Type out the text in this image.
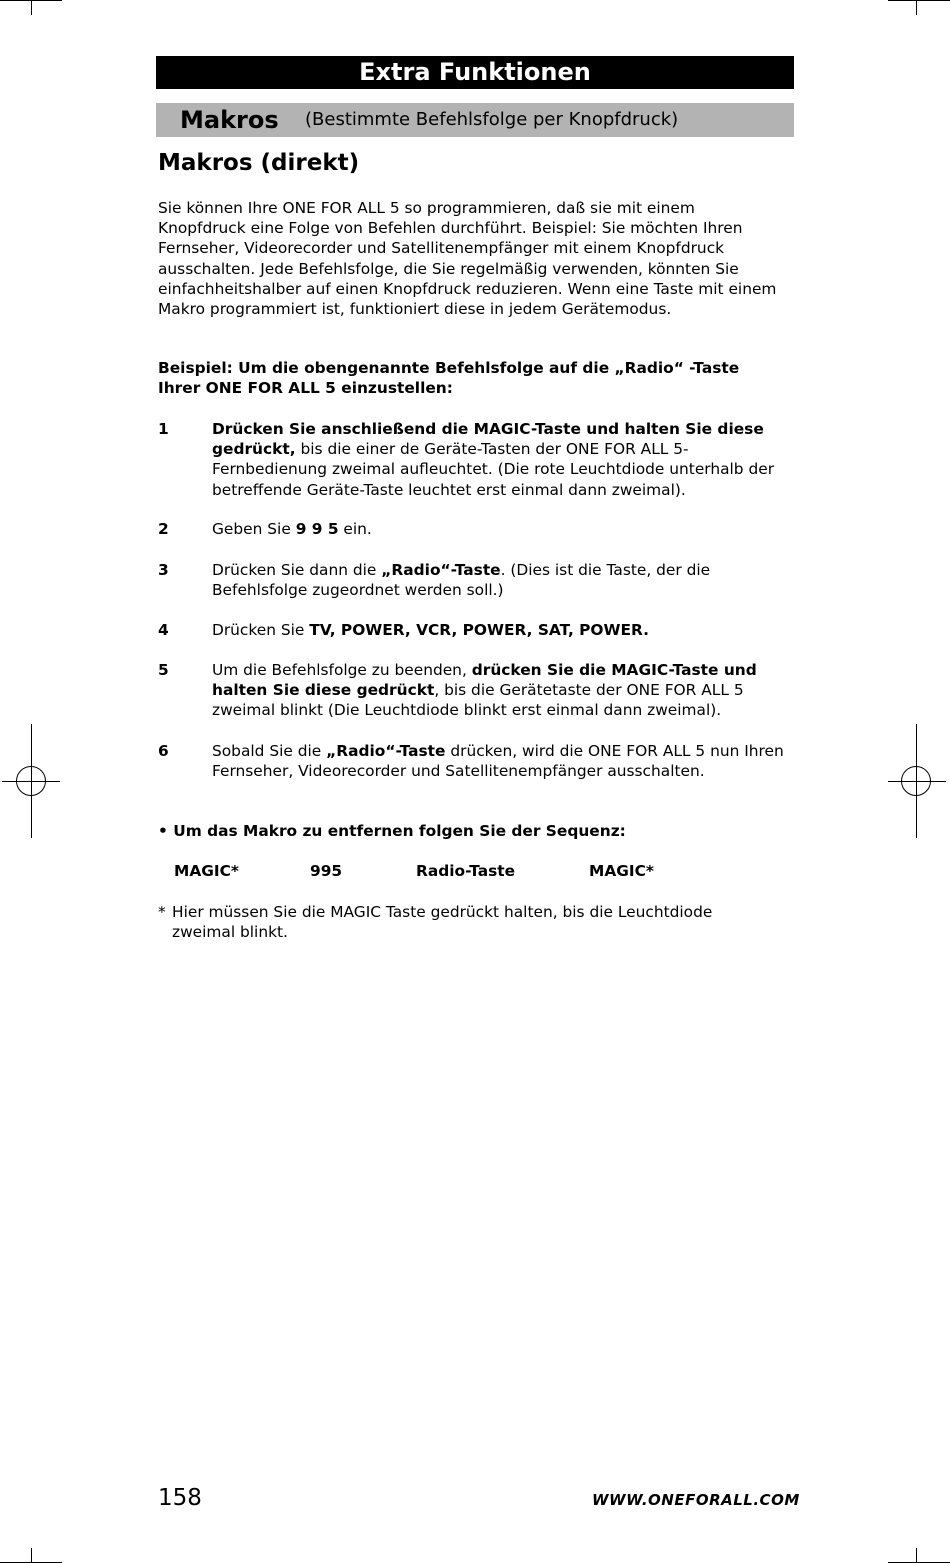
Extra Funktionen
Makros (Bestimmte Befehlsfolge per Knopfdruck)
Makros (direkt)
Sie können Ihre ONE FOR ALL 5 so programmieren, daß sie mit einem Knopfdruck eine Folge von Befehlen durchführt. Beispiel: Sie möchten Ihren Fernseher, Videorecorder und Satellitenempfänger mit einem Knopfdruck ausschalten. Jede Befehlsfolge, die Sie regelmäßig verwenden, könnten Sie einfachheitshalber auf einen Knopfdruck reduzieren. Wenn eine Taste mit einem Makro programmiert ist, funktioniert diese in jedem Gerätemodus.
Beispiel: Um die obengenannte Befehlsfolge auf die „Radio“ -Taste Ihrer ONE FOR ALL 5 einzustellen:
1	Drücken Sie anschließend die MAGIC-Taste und halten Sie diese gedrückt, bis die einer de Geräte-Tasten der ONE FOR ALL 5-Fernbedienung zweimal aufleuchtet. (Die rote Leuchtdiode unterhalb der betreffende Geräte-Taste leuchtet erst einmal dann zweimal).
2	Geben Sie 9 9 5 ein.
3	Drücken Sie dann die „Radio“-Taste. (Dies ist die Taste, der die Befehlsfolge zugeordnet werden soll.)
4	Drücken Sie TV, POWER, VCR, POWER, SAT, POWER.
5	Um die Befehlsfolge zu beenden, drücken Sie die MAGIC-Taste und halten Sie diese gedrückt, bis die Gerätetaste der ONE FOR ALL 5 zweimal blinkt (Die Leuchtdiode blinkt erst einmal dann zweimal).
6	Sobald Sie die „Radio“-Taste drücken, wird die ONE FOR ALL 5 nun Ihren Fernseher, Videorecorder und Satellitenempfänger ausschalten.
• Um das Makro zu entfernen folgen Sie der Sequenz:
MAGIC*	995	Radio-Taste	MAGIC*
* Hier müssen Sie die MAGIC Taste gedrückt halten, bis die Leuchtdiode zweimal blinkt.
158	WWW.ONEFORALL.COM
